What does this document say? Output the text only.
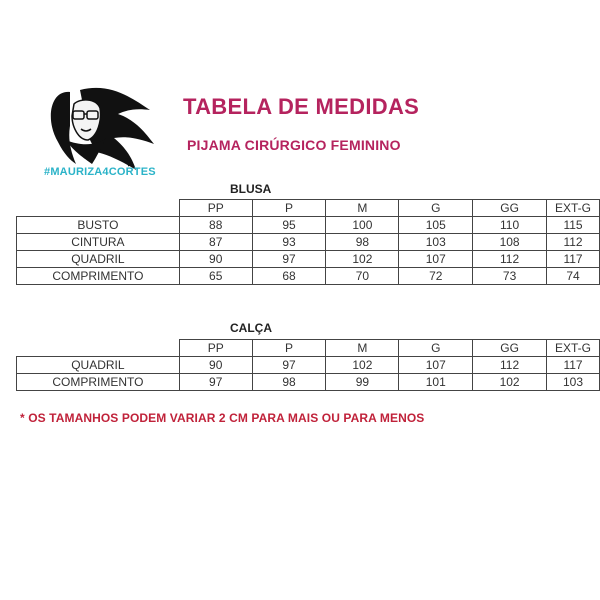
#MAURIZA4CORTES
TABELA DE MEDIDAS
PIJAMA CIRÚRGICO FEMININO
BLUSA
	PP	P	M	G	GG	EXT-G
BUSTO	88	95	100	105	110	115
CINTURA	87	93	98	103	108	112
QUADRIL	90	97	102	107	112	117
COMPRIMENTO	65	68	70	72	73	74
CALÇA
	PP	P	M	G	GG	EXT-G
QUADRIL	90	97	102	107	112	117
COMPRIMENTO	97	98	99	101	102	103
* OS TAMANHOS PODEM VARIAR 2 CM PARA MAIS OU PARA MENOS
